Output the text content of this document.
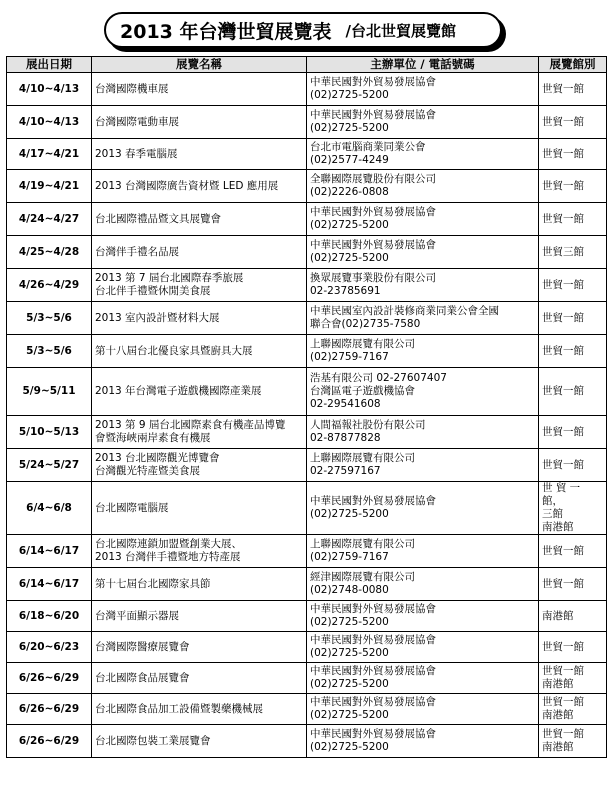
2013 年台灣世貿展覽表 /台北世貿展覽館
展出日期	展覽名稱	主辦單位 / 電話號碼	展覽館別
4/10~4/13	台灣國際機車展	中華民國對外貿易發展協會
(02)2725-5200	世貿一館

4/10~4/13	台灣國際電動車展	中華民國對外貿易發展協會
(02)2725-5200	世貿一館

4/17~4/21	2013 春季電腦展	台北市電腦商業同業公會
(02)2577-4249	世貿一館

4/19~4/21	2013 台灣國際廣告資材暨 LED 應用展	全聯國際展覽股份有限公司
(02)2226-0808	世貿一館

4/24~4/27	台北國際禮品暨文具展覽會	中華民國對外貿易發展協會
(02)2725-5200	世貿一館

4/25~4/28	台灣伴手禮名品展	中華民國對外貿易發展協會
(02)2725-5200	世貿三館

4/26~4/29	2013 第 7 屆台北國際春季旅展
台北伴手禮暨休閒美食展	換眾展覽事業股份有限公司
02-23785691	世貿一館

5/3~5/6	2013 室內設計暨材料大展	中華民國室內設計裝修商業同業公會全國
聯合會(02)2735-7580	世貿一館

5/3~5/6	第十八屆台北優良家具暨廚具大展	上聯國際展覽有限公司
(02)2759-7167	世貿一館

5/9~5/11	2013 年台灣電子遊戲機國際產業展	浩基有限公司 02-27607407
台灣區電子遊戲機協會
02-29541608	世貿一館

5/10~5/13	2013 第 9 屆台北國際素食有機產品博覽
會暨海峽兩岸素食有機展	人間福報社股份有限公司
02-87877828	世貿一館

5/24~5/27	2013 台北國際觀光博覽會
台灣觀光特產暨美食展	上聯國際展覽有限公司
02-27597167	世貿一館

6/4~6/8	台北國際電腦展	中華民國對外貿易發展協會
(02)2725-5200	世 貿 一 館，
三館
南港館

6/14~6/17	台北國際連鎖加盟暨創業大展、
2013 台灣伴手禮暨地方特產展	上聯國際展覽有限公司
(02)2759-7167	世貿一館

6/14~6/17	第十七屆台北國際家具節	經津國際展覽有限公司
(02)2748-0080	世貿一館

6/18~6/20	台灣平面顯示器展	中華民國對外貿易發展協會
(02)2725-5200	南港館

6/20~6/23	台灣國際醫療展覽會	中華民國對外貿易發展協會
(02)2725-5200	世貿一館

6/26~6/29	台北國際食品展覽會	中華民國對外貿易發展協會
(02)2725-5200	世貿一館
南港館

6/26~6/29	台北國際食品加工設備暨製藥機械展	中華民國對外貿易發展協會
(02)2725-5200	世貿一館
南港館

6/26~6/29	台北國際包裝工業展覽會	中華民國對外貿易發展協會
(02)2725-5200	世貿一館
南港館
